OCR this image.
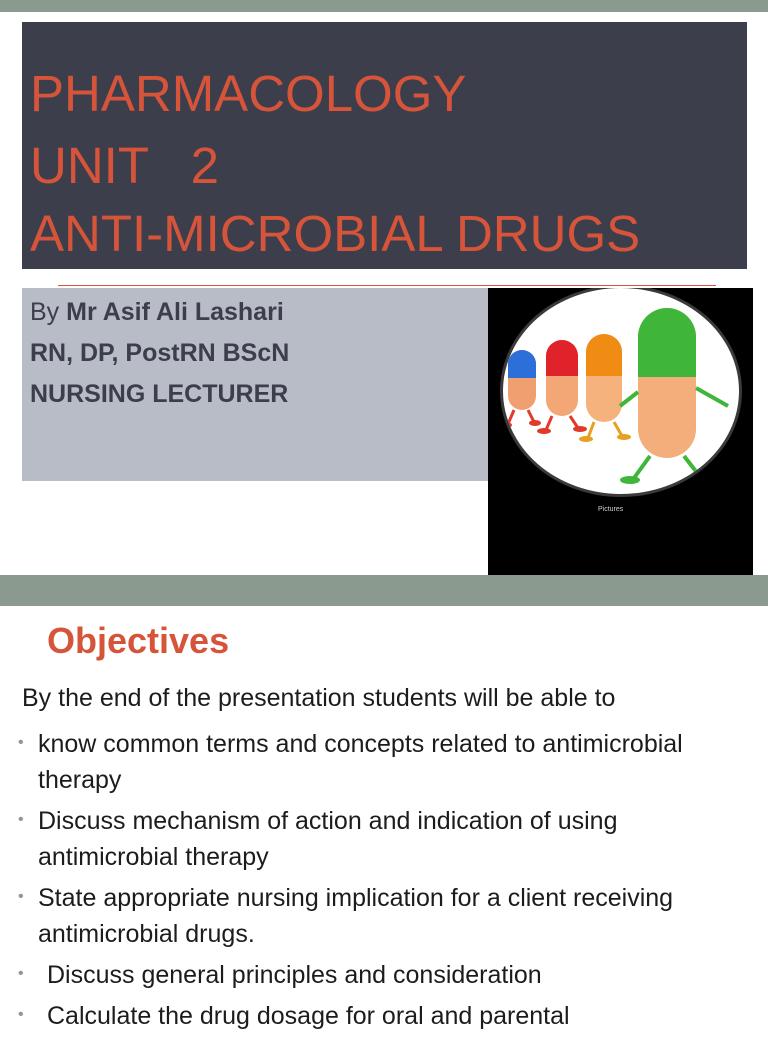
PHARMACOLOGY
UNIT   2
ANTI-MICROBIAL DRUGS
By Mr Asif Ali Lashari
RN, DP, PostRN BScN
NURSING LECTURER
Pictures
Objectives
By the end of the presentation students will be able to
• know common terms and concepts related to antimicrobial therapy
• Discuss mechanism of action and indication of using antimicrobial therapy
• State appropriate nursing implication for a client receiving antimicrobial drugs.
• Discuss general principles and consideration
• Calculate the drug dosage for oral and parental
